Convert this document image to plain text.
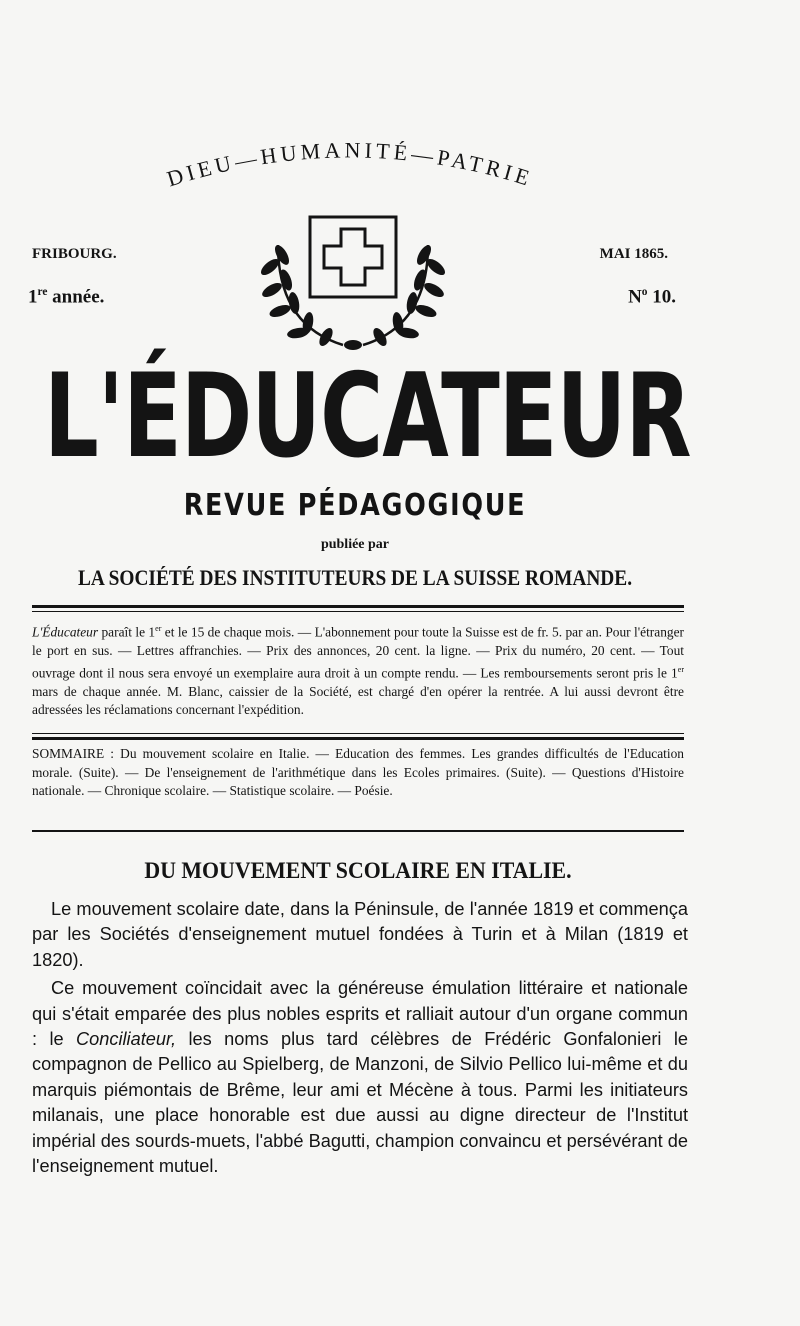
DIEU—HUMANITÉ—PATRIE
FRIBOURG.	MAI 1865.
1re année.	$N^o$ 10.
L'ÉDUCATEUR
REVUE PÉDAGOGIQUE
publiée par
LA SOCIÉTÉ DES INSTITUTEURS DE LA SUISSE ROMANDE.

L'Éducateur paraît le 1er et le 15 de chaque mois. — L'abonnement pour toute la Suisse est de fr. 5. par an. Pour l'étranger le port en sus. — Lettres affranchies. — Prix des annonces, 20 cent. la ligne. — Prix du numéro, 20 cent. — Tout ouvrage dont il nous sera envoyé un exemplaire aura droit à un compte rendu. — Les remboursements seront pris le 1er mars de chaque année. M. Blanc, caissier de la Société, est chargé d'en opérer la rentrée. A lui aussi devront être adressées les réclamations concernant l'expédition.

SOMMAIRE : Du mouvement scolaire en Italie. — Education des femmes. Les grandes difficultés de l'Education morale. (Suite). — De l'enseignement de l'arithmétique dans les Ecoles primaires. (Suite). — Questions d'Histoire nationale. — Chronique scolaire. — Statistique scolaire. — Poésie.

DU MOUVEMENT SCOLAIRE EN ITALIE.

Le mouvement scolaire date, dans la Péninsule, de l'année 1819 et commença par les Sociétés d'enseignement mutuel fondées à Turin et à Milan (1819 et 1820).

Ce mouvement coïncidait avec la généreuse émulation littéraire et nationale qui s'était emparée des plus nobles esprits et ralliait autour d'un organe commun : le Conciliateur, les noms plus tard célèbres de Frédéric Gonfalonieri le compagnon de Pellico au Spielberg, de Manzoni, de Silvio Pellico lui-même et du marquis piémontais de Brême, leur ami et Mécène à tous. Parmi les initiateurs milanais, une place honorable est due aussi au digne directeur de l'Institut impérial des sourds-muets, l'abbé Bagutti, champion convaincu et persévérant de l'enseignement mutuel.
